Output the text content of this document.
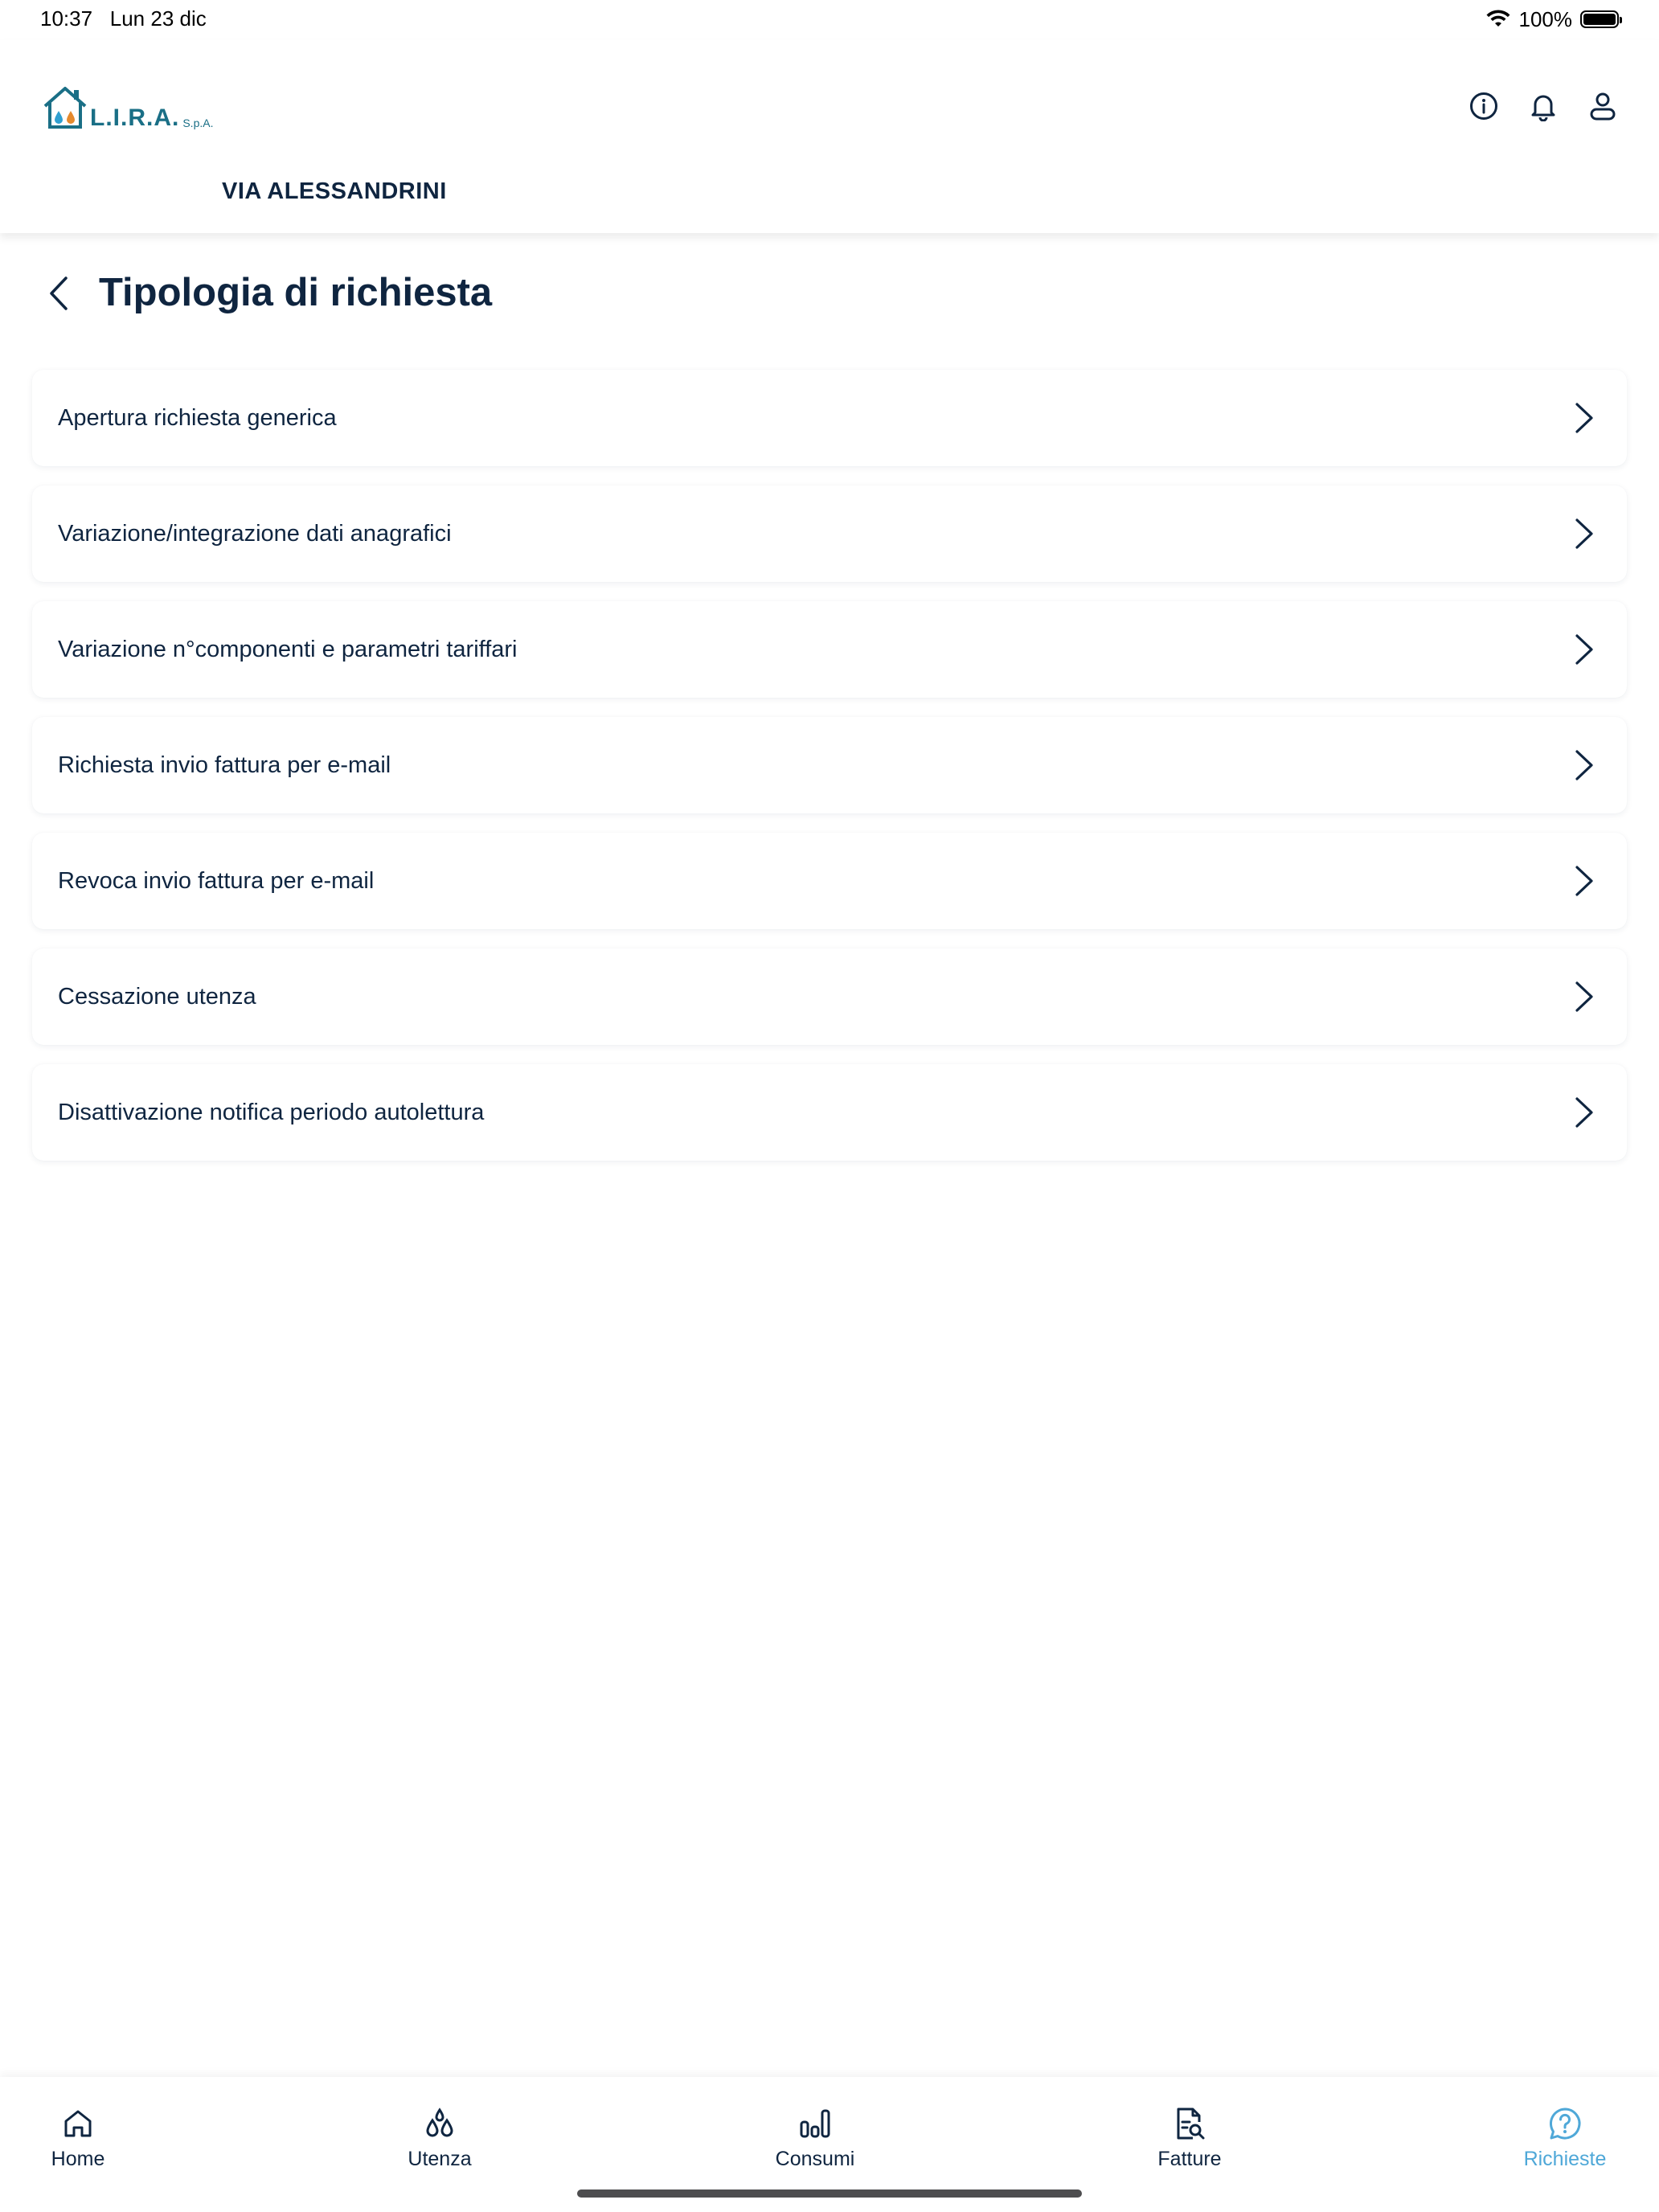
10:37 Lun 23 dic	100%
L.I.R.A. S.p.A.
VIA ALESSANDRINI
Tipologia di richiesta
Apertura richiesta generica
Variazione/integrazione dati anagrafici
Variazione n°componenti e parametri tariffari
Richiesta invio fattura per e-mail
Revoca invio fattura per e-mail
Cessazione utenza
Disattivazione notifica periodo autolettura
Home	Utenza	Consumi	Fatture	Richieste
